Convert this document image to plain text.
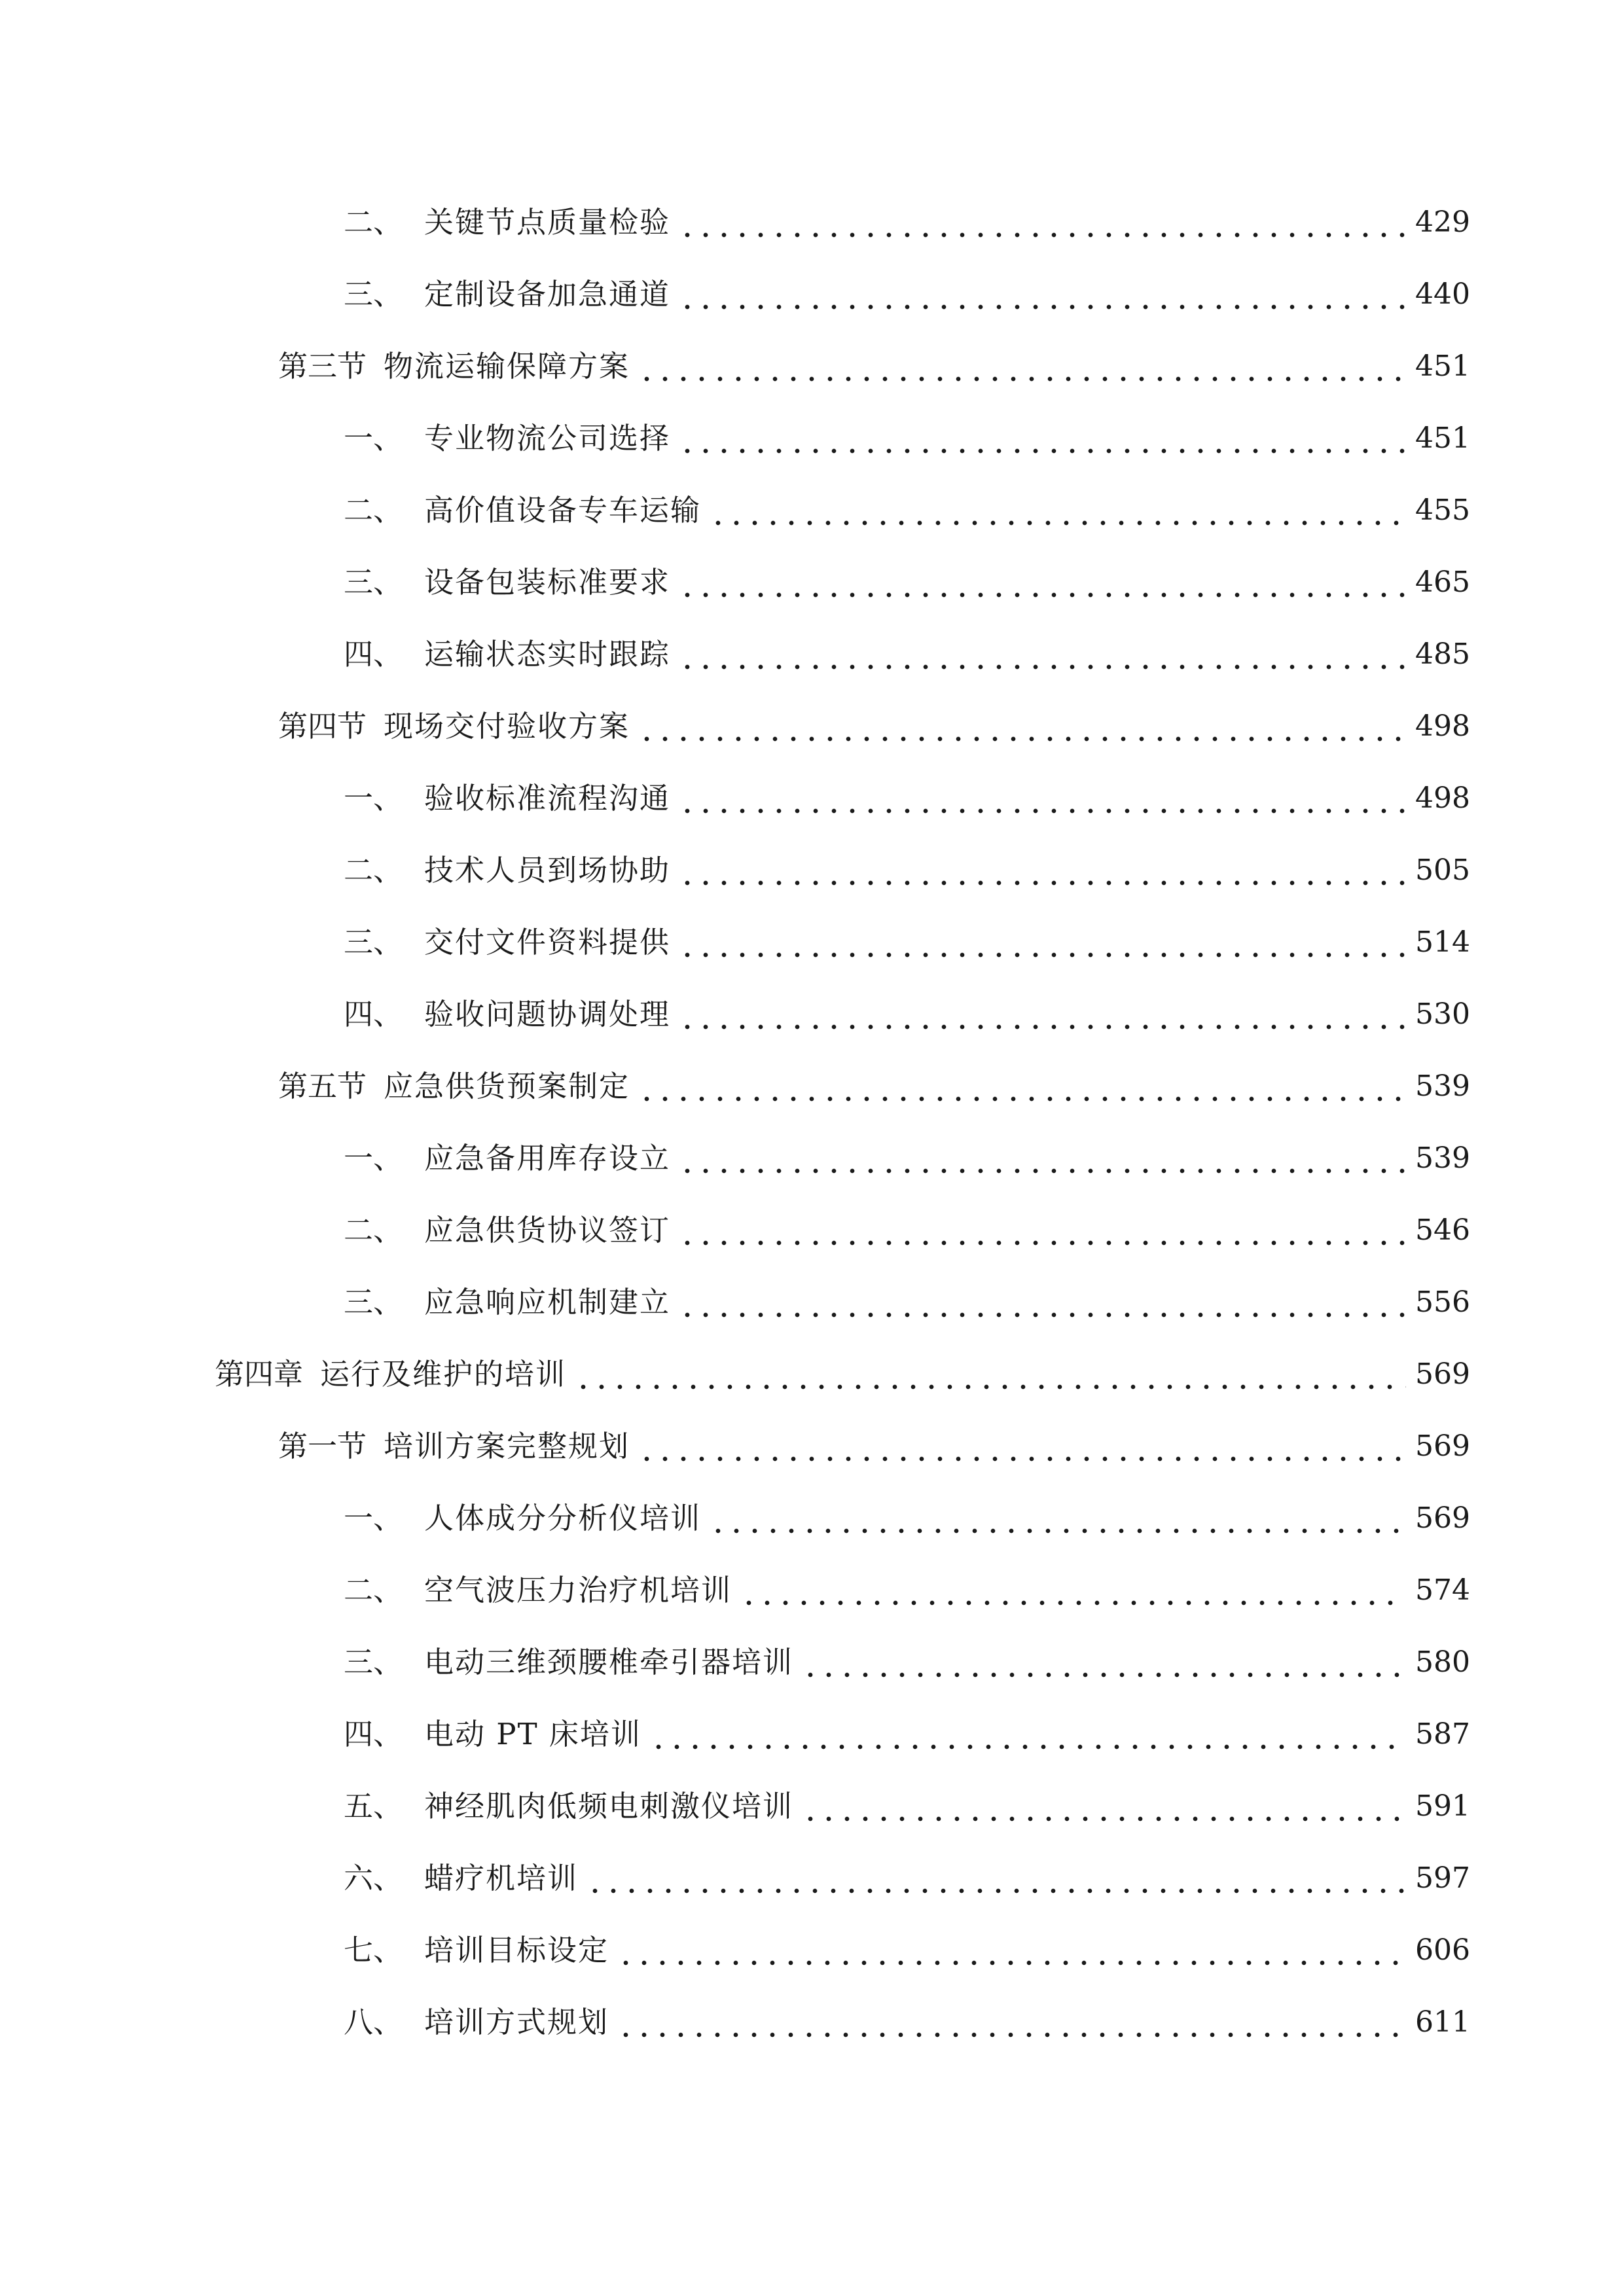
二、 关键节点质量检验	429
三、 定制设备加急通道	440
第三节 物流运输保障方案	451
一、 专业物流公司选择	451
二、 高价值设备专车运输	455
三、 设备包装标准要求	465
四、 运输状态实时跟踪	485
第四节 现场交付验收方案	498
一、 验收标准流程沟通	498
二、 技术人员到场协助	505
三、 交付文件资料提供	514
四、 验收问题协调处理	530
第五节 应急供货预案制定	539
一、 应急备用库存设立	539
二、 应急供货协议签订	546
三、 应急响应机制建立	556
第四章 运行及维护的培训	569
第一节 培训方案完整规划	569
一、 人体成分分析仪培训	569
二、 空气波压力治疗机培训	574
三、 电动三维颈腰椎牵引器培训	580
四、 电动 PT 床培训	587
五、 神经肌肉低频电刺激仪培训	591
六、 蜡疗机培训	597
七、 培训目标设定	606
八、 培训方式规划	611
